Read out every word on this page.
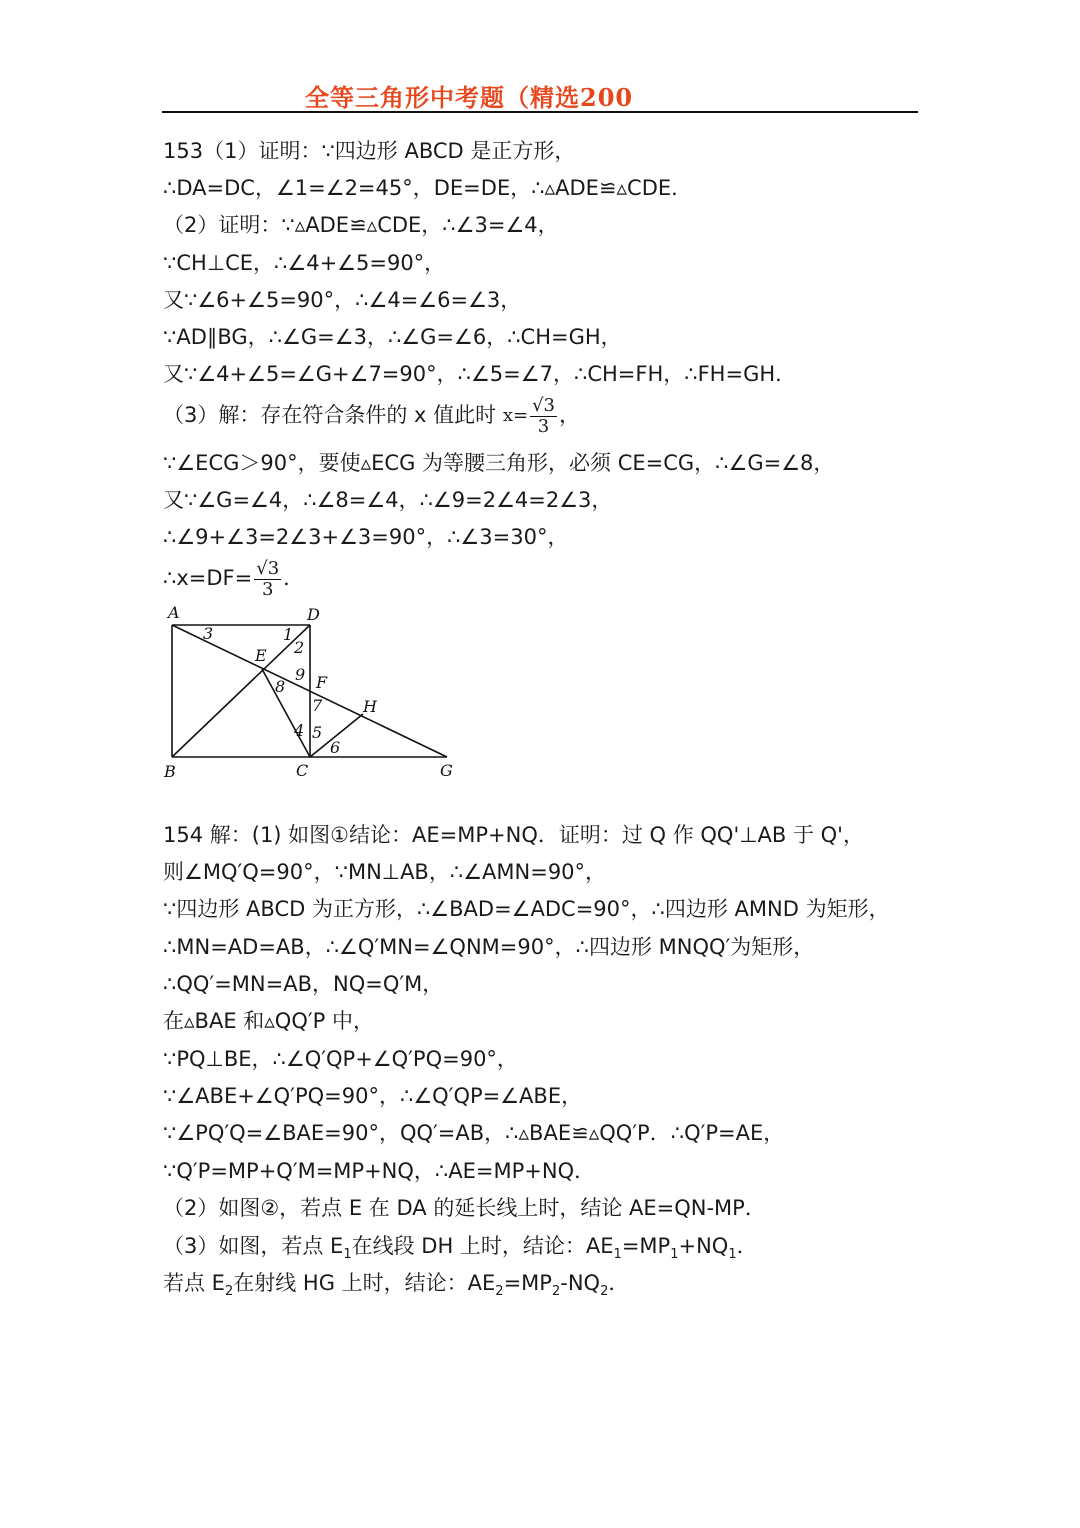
全等三角形中考题（精选200
153（1）证明：∵四边形 ABCD 是正方形，
∴DA=DC，∠1=∠2=45°，DE=DE，∴▵ADE≌▵CDE．
（2）证明：∵▵ADE≌▵CDE，∴∠3=∠4，
∵CH⊥CE，∴∠4+∠5=90°，
又∵∠6+∠5=90°，∴∠4=∠6=∠3，
∵AD∥BG，∴∠G=∠3，∴∠G=∠6，∴CH=GH，
又∵∠4+∠5=∠G+∠7=90°，∴∠5=∠7，∴CH=FH，∴FH=GH．
（3）解：存在符合条件的 x 值此时 $x= \frac{√3}{3}$ ，
∵∠ECG＞90°，要使▵ECG 为等腰三角形，必须 CE=CG，∴∠G=∠8，
又∵∠G=∠4，∴∠8=∠4，∴∠9=2∠4=2∠3，
∴∠9+∠3=2∠3+∠3=90°，∴∠3=30°，
∴x=DF= $\frac{√3}{3}$ ．
A	D
B	C	G
E
F
H
1
2
3
4 5
6
7
8
9
154 解：(1) 如图①结论：AE=MP+NQ．证明：过 Q 作 QQ'⊥AB 于 Q'，
则∠MQ′Q=90°，∵MN⊥AB，∴∠AMN=90°，
∵四边形 ABCD 为正方形，∴∠BAD=∠ADC=90°，∴四边形 AMND 为矩形，
∴MN=AD=AB，∴∠Q′MN=∠QNM=90°，∴四边形 MNQQ′为矩形，
∴QQ′=MN=AB，NQ=Q′M，
在▵BAE 和▵QQ′P 中，
∵PQ⊥BE，∴∠Q′QP+∠Q′PQ=90°，
∵∠ABE+∠Q′PQ=90°，∴∠Q′QP=∠ABE，
∵∠PQ′Q=∠BAE=90°，QQ′=AB，∴▵BAE≌▵QQ′P．∴Q′P=AE，
∵Q′P=MP+Q′M=MP+NQ，∴AE=MP+NQ．
（2）如图②，若点 E 在 DA 的延长线上时，结论 AE=QN-MP．
（3）如图，若点 $E_1$在线段 DH 上时，结论：$AE_1=MP_1+NQ_1$．
若点 $E_2$在射线 HG 上时，结论：$AE_2=MP_2-NQ_2$．
